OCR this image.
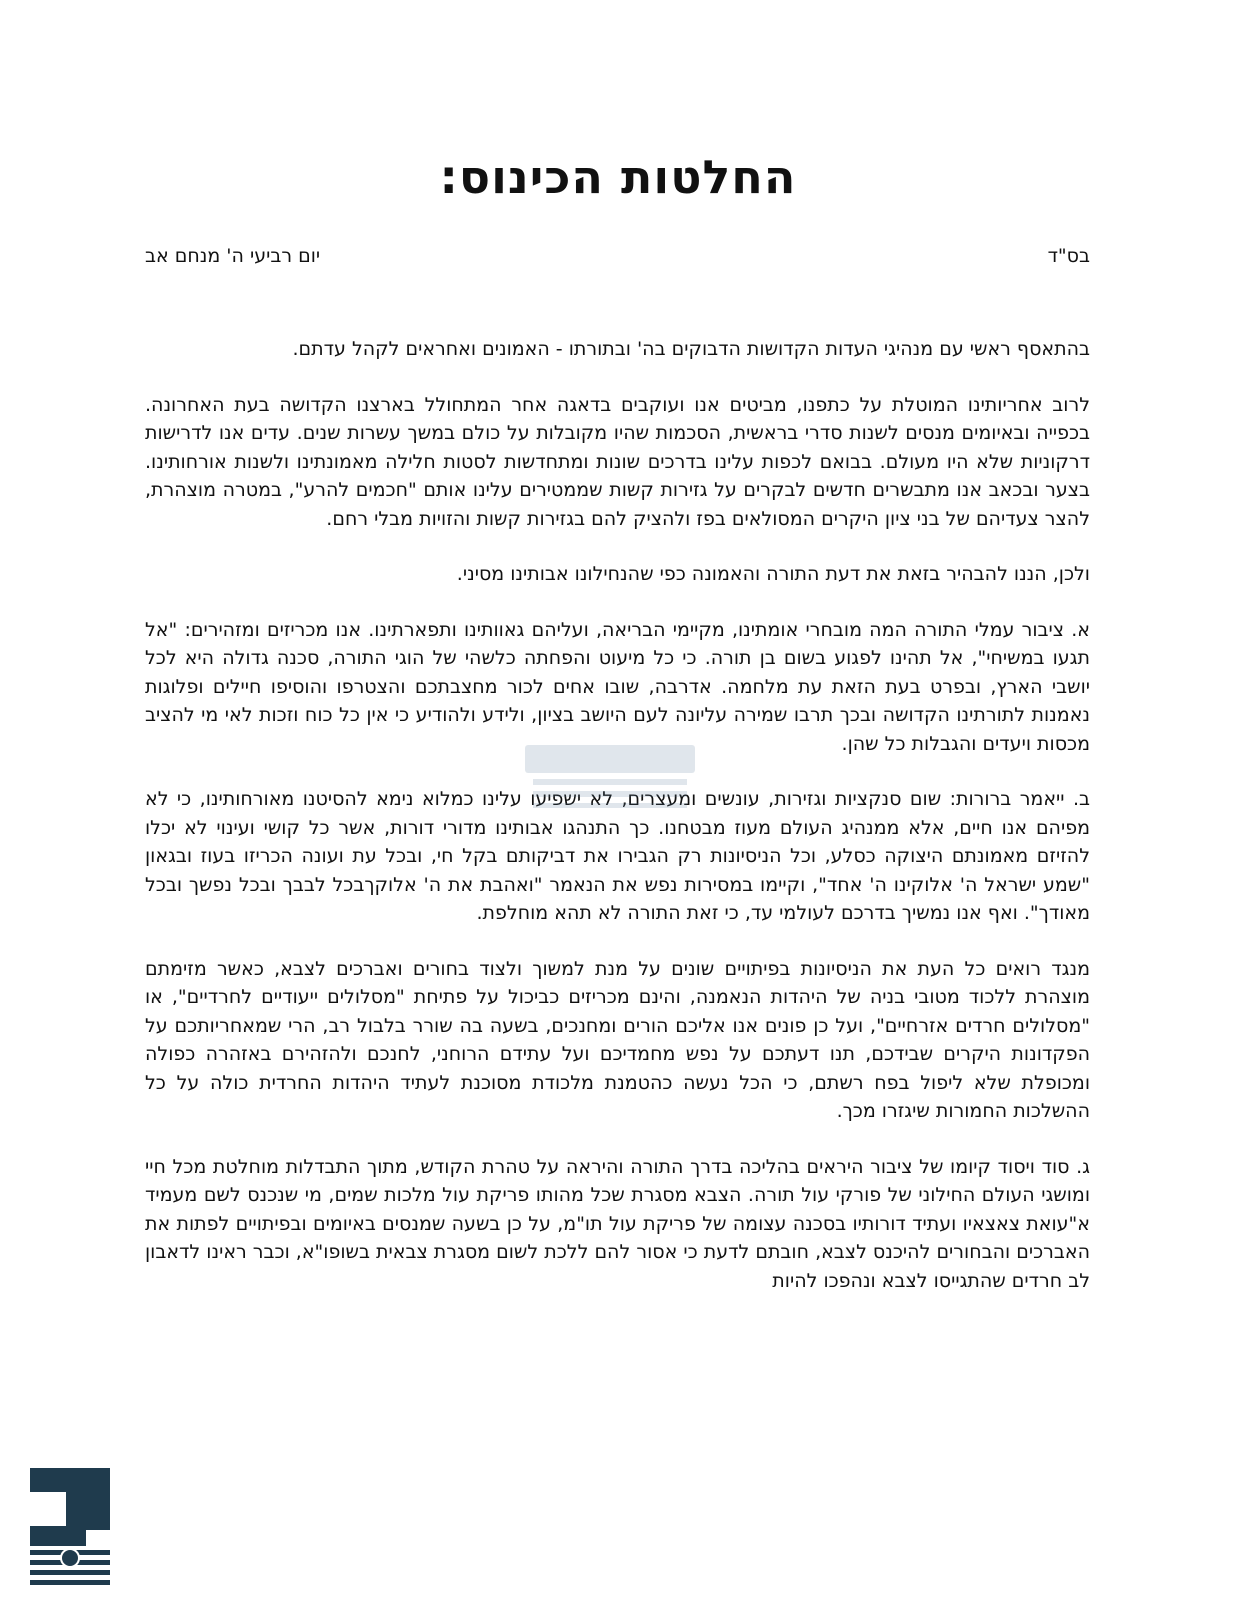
החלטות הכינוס:
בס"ד
יום רביעי ה' מנחם אב

בהתאסף ראשי עם מנהיגי העדות הקדושות הדבוקים בה' ובתורתו - האמונים ואחראים לקהל עדתם.

לרוב אחריותינו המוטלת על כתפנו, מביטים אנו ועוקבים בדאגה אחר המתחולל בארצנו הקדושה בעת האחרונה. בכפייה ובאיומים מנסים לשנות סדרי בראשית, הסכמות שהיו מקובלות על כולם במשך עשרות שנים. עדים אנו לדרישות דרקוניות שלא היו מעולם. בבואם לכפות עלינו בדרכים שונות ומתחדשות לסטות חלילה מאמונתינו ולשנות אורחותינו. בצער ובכאב אנו מתבשרים חדשים לבקרים על גזירות קשות שממטירים עלינו אותם "חכמים להרע", במטרה מוצהרת, להצר צעדיהם של בני ציון היקרים המסולאים בפז ולהציק להם בגזירות קשות והזויות מבלי רחם.

ולכן, הננו להבהיר בזאת את דעת התורה והאמונה כפי שהנחילונו אבותינו מסיני.

א. ציבור עמלי התורה המה מובחרי אומתינו, מקיימי הבריאה, ועליהם גאוותינו ותפארתינו. אנו מכריזים ומזהירים: "אל תגעו במשיחי", אל תהינו לפגוע בשום בן תורה. כי כל מיעוט והפחתה כלשהי של הוגי התורה, סכנה גדולה היא לכל יושבי הארץ, ובפרט בעת הזאת עת מלחמה. אדרבה, שובו אחים לכור מחצבתכם והצטרפו והוסיפו חיילים ופלוגות נאמנות לתורתינו הקדושה ובכך תרבו שמירה עליונה לעם היושב בציון, ולידע ולהודיע כי אין כל כוח וזכות לאי מי להציב מכסות ויעדים והגבלות כל שהן.

ב. ייאמר ברורות: שום סנקציות וגזירות, עונשים ומעצרים, לא ישפיעו עלינו כמלוא נימא להסיטנו מאורחותינו, כי לא מפיהם אנו חיים, אלא ממנהיג העולם מעוז מבטחנו. כך התנהגו אבותינו מדורי דורות, אשר כל קושי ועינוי לא יכלו להזיזם מאמונתם היצוקה כסלע, וכל הניסיונות רק הגבירו את דביקותם בקל חי, ובכל עת ועונה הכריזו בעוז ובגאון "שמע ישראל ה' אלוקינו ה' אחד", וקיימו במסירות נפש את הנאמר "ואהבת את ה' אלוקךבכל לבבך ובכל נפשך ובכל מאודך". ואף אנו נמשיך בדרכם לעולמי עד, כי זאת התורה לא תהא מוחלפת.

מנגד רואים כל העת את הניסיונות בפיתויים שונים על מנת למשוך ולצוד בחורים ואברכים לצבא, כאשר מזימתם מוצהרת ללכוד מטובי בניה של היהדות הנאמנה, והינם מכריזים כביכול על פתיחת "מסלולים ייעודיים לחרדיים", או "מסלולים חרדים אזרחיים", ועל כן פונים אנו אליכם הורים ומחנכים, בשעה בה שורר בלבול רב, הרי שמאחריותכם על הפקדונות היקרים שבידכם, תנו דעתכם על נפש מחמדיכם ועל עתידם הרוחני, לחנכם ולהזהירם באזהרה כפולה ומכופלת שלא ליפול בפח רשתם, כי הכל נעשה כהטמנת מלכודת מסוכנת לעתיד היהדות החרדית כולה על כל ההשלכות החמורות שיגזרו מכך.

ג. סוד ויסוד קיומו של ציבור היראים בהליכה בדרך התורה והיראה על טהרת הקודש, מתוך התבדלות מוחלטת מכל חיי ומושגי העולם החילוני של פורקי עול תורה. הצבא מסגרת שכל מהותו פריקת עול מלכות שמים, מי שנכנס לשם מעמיד א"עואת צאצאיו ועתיד דורותיו בסכנה עצומה של פריקת עול תו"מ, על כן בשעה שמנסים באיומים ובפיתויים לפתות את האברכים והבחורים להיכנס לצבא, חובתם לדעת כי אסור להם ללכת לשום מסגרת צבאית בשופו"א, וכבר ראינו לדאבון לב חרדים שהתגייסו לצבא ונהפכו להיות
